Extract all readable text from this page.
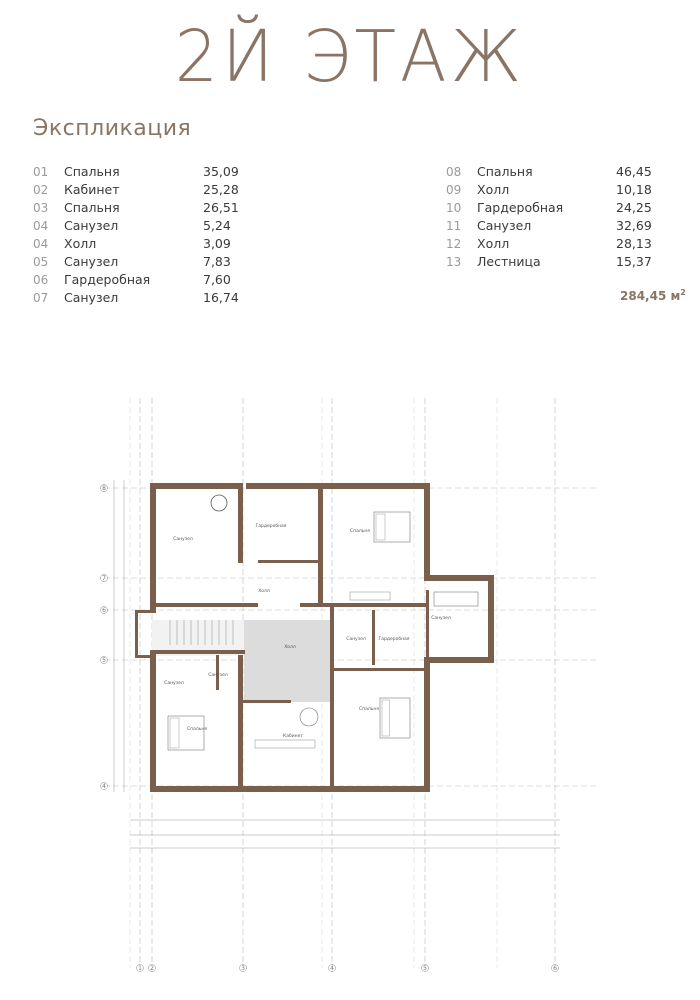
2Й ЭТАЖ
Экспликация
01 Спальня	35,09
02 Кабинет	25,28
03 Спальня	26,51
04 Санузел	5,24
04 Холл	3,09
05 Санузел	7,83
06 Гардеробная	7,60
07 Санузел	16,74
08 Спальня	46,45
09 Холл	10,18
10 Гардеробная	24,25
11 Санузел	32,69
12 Холл	28,13
13 Лестница	15,37
284,45 $м^2$
8
7
6
5
4
1 2	3	4	5	6
Санузел
Гардеробная
Спальня
Холл
Санузел
Гардеробная
Санузел
Холл
Санузел
Спальня
Кабинет
Спальня
Санузел
